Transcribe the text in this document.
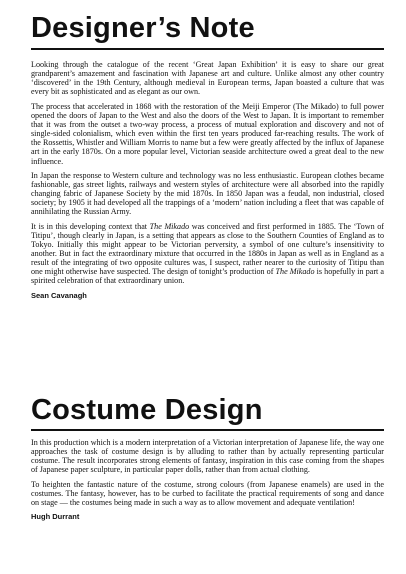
Designer’s Note

Looking through the catalogue of the recent ‘Great Japan Exhibition’ it is easy to share our great grandparent’s amazement and fascination with Japanese art and culture. Unlike almost any other country ‘discovered’ in the 19th Century, although medieval in European terms, Japan boasted a culture that was every bit as sophisticated and as elegant as our own.

The process that accelerated in 1868 with the restoration of the Meiji Emperor (The Mikado) to full power opened the doors of Japan to the West and also the doors of the West to Japan. It is important to remember that it was from the outset a two-way process, a process of mutual exploration and discovery and not of single-sided colonialism, which even within the first ten years produced far-reaching results. The work of the Rossettis, Whistler and William Morris to name but a few were greatly affected by the influx of Japanese art in the early 1870s. On a more popular level, Victorian seaside architecture owed a great deal to the new influence.

In Japan the response to Western culture and technology was no less enthusiastic. European clothes became fashionable, gas street lights, railways and western styles of architecture were all absorbed into the rapidly changing fabric of Japanese Society by the mid 1870s. In 1850 Japan was a feudal, non industrial, closed society; by 1905 it had developed all the trappings of a ‘modern’ nation including a fleet that was capable of annihilating the Russian Army.

It is in this developing context that The Mikado was conceived and first performed in 1885. The ‘Town of Titipu’, though clearly in Japan, is a setting that appears as close to the Southern Counties of England as to Tokyo. Initially this might appear to be Victorian perversity, a symbol of one culture’s insensitivity to another. But in fact the extraordinary mixture that occurred in the 1880s in Japan as well as in England as a result of the integrating of two opposite cultures was, I suspect, rather nearer to the curiosity of Titipu than one might otherwise have suspected. The design of tonight’s production of The Mikado is hopefully in part a spirited celebration of that extraordinary union.

Sean Cavanagh

Costume Design

In this production which is a modern interpretation of a Victorian interpretation of Japanese life, the way one approaches the task of costume design is by alluding to rather than by actually representing particular costume. The result incorporates strong elements of fantasy, inspiration in this case coming from the shapes of Japanese paper sculpture, in particular paper dolls, rather than from actual clothing.

To heighten the fantastic nature of the costume, strong colours (from Japanese enamels) are used in the costumes. The fantasy, however, has to be curbed to facilitate the practical requirements of song and dance on stage — the costumes being made in such a way as to allow movement and adequate ventilation!

Hugh Durrant
